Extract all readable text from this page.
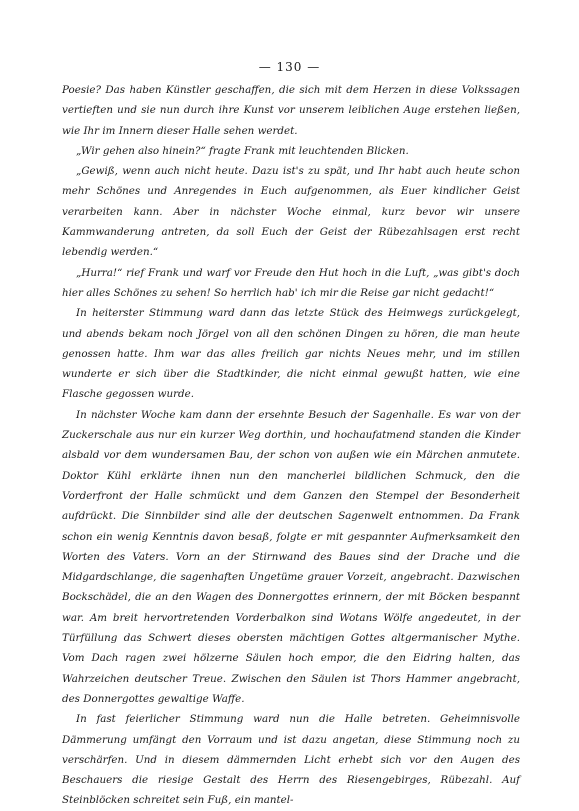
— 130 —

Poesie? Das haben Künstler geschaffen, die sich mit dem Herzen in diese Volkssagen vertieften und sie nun durch ihre Kunst vor unserem leiblichen Auge erstehen ließen, wie Ihr im Innern dieser Halle sehen werdet.

„Wir gehen also hinein?“ fragte Frank mit leuchtenden Blicken.

„Gewiß, wenn auch nicht heute. Dazu ist's zu spät, und Ihr habt auch heute schon mehr Schönes und Anregendes in Euch aufgenommen, als Euer kindlicher Geist verarbeiten kann. Aber in nächster Woche einmal, kurz bevor wir unsere Kammwanderung antreten, da soll Euch der Geist der Rübezahlsagen erst recht lebendig werden.“

„Hurra!“ rief Frank und warf vor Freude den Hut hoch in die Luft, „was gibt's doch hier alles Schönes zu sehen! So herrlich hab' ich mir die Reise gar nicht gedacht!“

In heiterster Stimmung ward dann das letzte Stück des Heimwegs zurückgelegt, und abends bekam noch Jörgel von all den schönen Dingen zu hören, die man heute genossen hatte. Ihm war das alles freilich gar nichts Neues mehr, und im stillen wunderte er sich über die Stadtkinder, die nicht einmal gewußt hatten, wie eine Flasche gegossen wurde.

In nächster Woche kam dann der ersehnte Besuch der Sagenhalle. Es war von der Zuckerschale aus nur ein kurzer Weg dorthin, und hochaufatmend standen die Kinder alsbald vor dem wundersamen Bau, der schon von außen wie ein Märchen anmutete. Doktor Kühl erklärte ihnen nun den mancherlei bildlichen Schmuck, den die Vorderfront der Halle schmückt und dem Ganzen den Stempel der Besonderheit aufdrückt. Die Sinnbilder sind alle der deutschen Sagenwelt entnommen. Da Frank schon ein wenig Kenntnis davon besaß, folgte er mit gespannter Aufmerksamkeit den Worten des Vaters. Vorn an der Stirnwand des Baues sind der Drache und die Midgardschlange, die sagenhaften Ungetüme grauer Vorzeit, angebracht. Dazwischen Bockschädel, die an den Wagen des Donnergottes erinnern, der mit Böcken bespannt war. Am breit hervortretenden Vorderbalkon sind Wotans Wölfe angedeutet, in der Türfüllung das Schwert dieses obersten mächtigen Gottes altgermanischer Mythe. Vom Dach ragen zwei hölzerne Säulen hoch empor, die den Eidring halten, das Wahrzeichen deutscher Treue. Zwischen den Säulen ist Thors Hammer angebracht, des Donnergottes gewaltige Waffe.

In fast feierlicher Stimmung ward nun die Halle betreten. Geheimnisvolle Dämmerung umfängt den Vorraum und ist dazu angetan, diese Stimmung noch zu verschärfen. Und in diesem dämmernden Licht erhebt sich vor den Augen des Beschauers die riesige Gestalt des Herrn des Riesengebirges, Rübezahl. Auf Steinblöcken schreitet sein Fuß, ein mantel-
